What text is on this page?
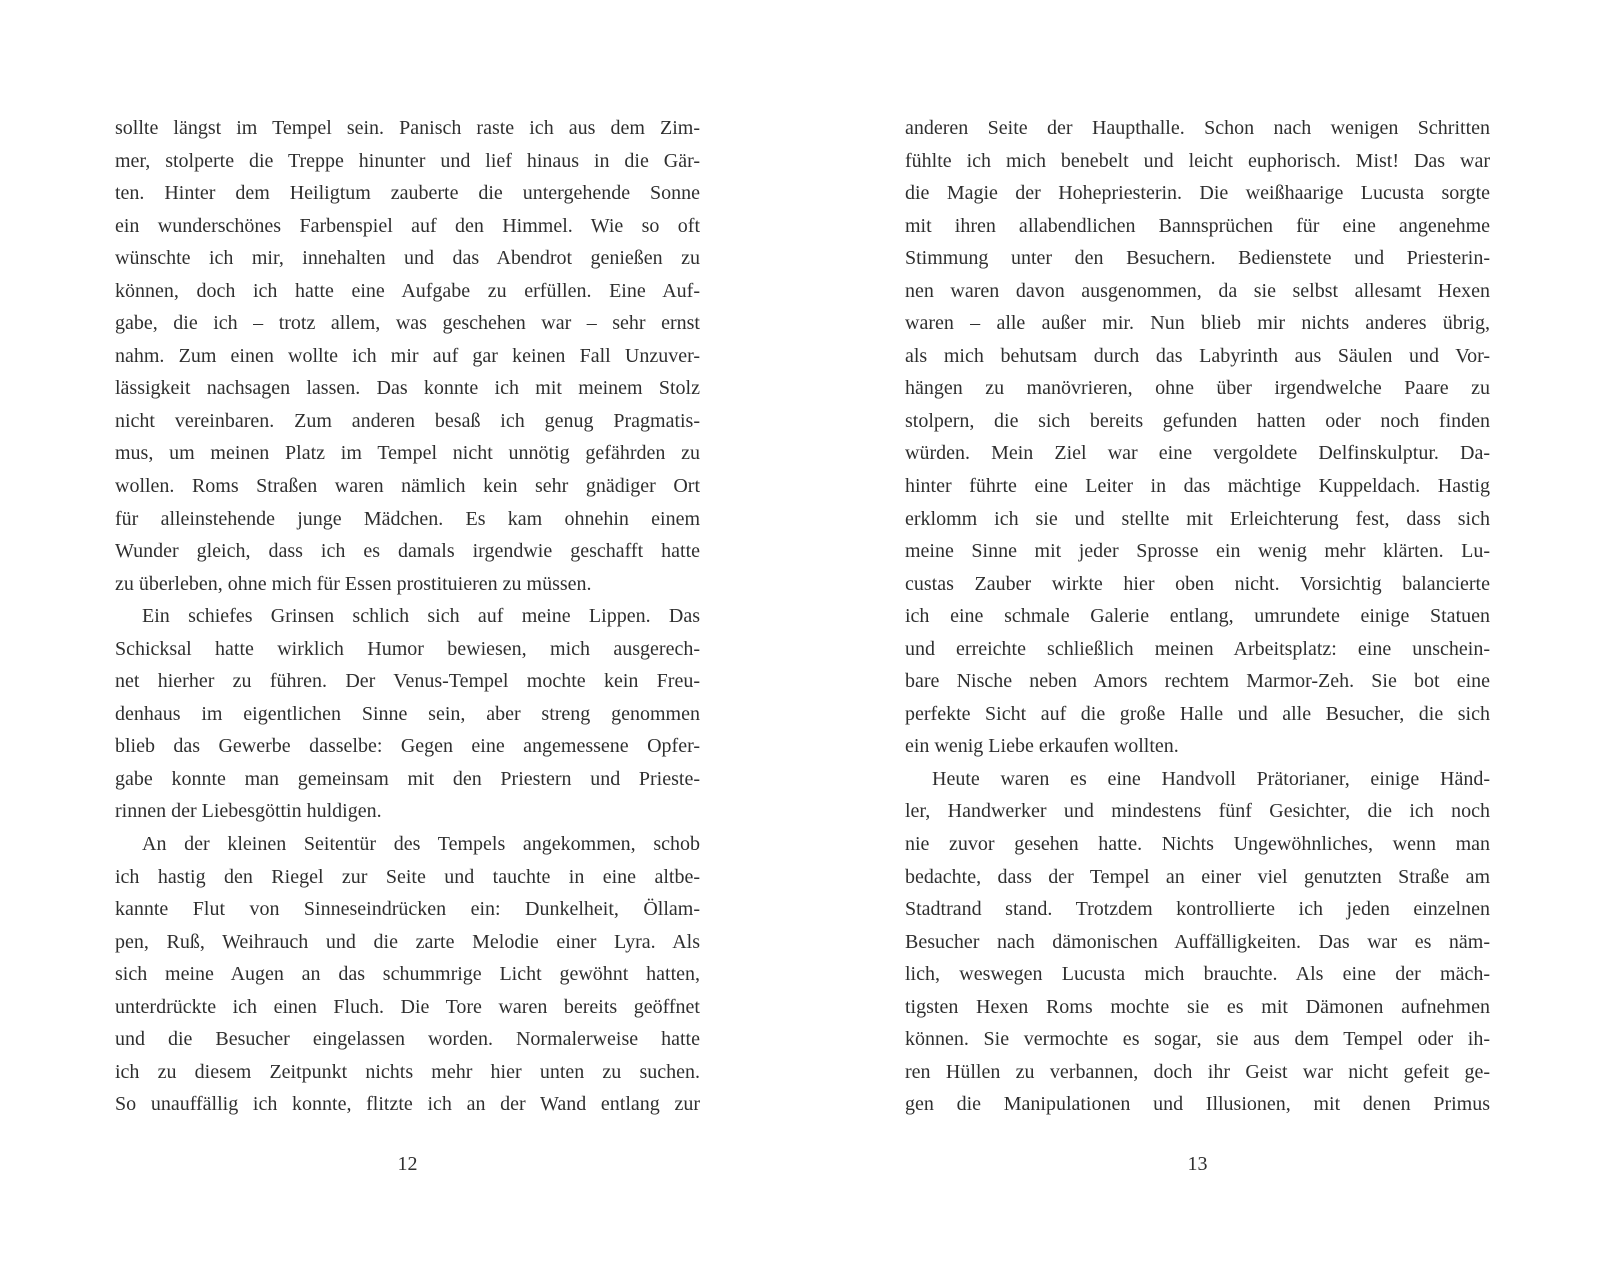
sollte längst im Tempel sein. Panisch raste ich aus dem Zim-
mer, stolperte die Treppe hinunter und lief hinaus in die Gär-
ten. Hinter dem Heiligtum zauberte die untergehende Sonne
ein wunderschönes Farbenspiel auf den Himmel. Wie so oft
wünschte ich mir, innehalten und das Abendrot genießen zu
können, doch ich hatte eine Aufgabe zu erfüllen. Eine Auf-
gabe, die ich – trotz allem, was geschehen war – sehr ernst
nahm. Zum einen wollte ich mir auf gar keinen Fall Unzuver-
lässigkeit nachsagen lassen. Das konnte ich mit meinem Stolz
nicht vereinbaren. Zum anderen besaß ich genug Pragmatis-
mus, um meinen Platz im Tempel nicht unnötig gefährden zu
wollen. Roms Straßen waren nämlich kein sehr gnädiger Ort
für alleinstehende junge Mädchen. Es kam ohnehin einem
Wunder gleich, dass ich es damals irgendwie geschafft hatte
zu überleben, ohne mich für Essen prostituieren zu müssen.
Ein schiefes Grinsen schlich sich auf meine Lippen. Das
Schicksal hatte wirklich Humor bewiesen, mich ausgerech-
net hierher zu führen. Der Venus-Tempel mochte kein Freu-
denhaus im eigentlichen Sinne sein, aber streng genommen
blieb das Gewerbe dasselbe: Gegen eine angemessene Opfer-
gabe konnte man gemeinsam mit den Priestern und Prieste-
rinnen der Liebesgöttin huldigen.
An der kleinen Seitentür des Tempels angekommen, schob
ich hastig den Riegel zur Seite und tauchte in eine altbe-
kannte Flut von Sinneseindrücken ein: Dunkelheit, Öllam-
pen, Ruß, Weihrauch und die zarte Melodie einer Lyra. Als
sich meine Augen an das schummrige Licht gewöhnt hatten,
unterdrückte ich einen Fluch. Die Tore waren bereits geöffnet
und die Besucher eingelassen worden. Normalerweise hatte
ich zu diesem Zeitpunkt nichts mehr hier unten zu suchen.
So unauffällig ich konnte, flitzte ich an der Wand entlang zur
anderen Seite der Haupthalle. Schon nach wenigen Schritten
fühlte ich mich benebelt und leicht euphorisch. Mist! Das war
die Magie der Hohepriesterin. Die weißhaarige Lucusta sorgte
mit ihren allabendlichen Bannsprüchen für eine angenehme
Stimmung unter den Besuchern. Bedienstete und Priesterin-
nen waren davon ausgenommen, da sie selbst allesamt Hexen
waren – alle außer mir. Nun blieb mir nichts anderes übrig,
als mich behutsam durch das Labyrinth aus Säulen und Vor-
hängen zu manövrieren, ohne über irgendwelche Paare zu
stolpern, die sich bereits gefunden hatten oder noch finden
würden. Mein Ziel war eine vergoldete Delfinskulptur. Da-
hinter führte eine Leiter in das mächtige Kuppeldach. Hastig
erklomm ich sie und stellte mit Erleichterung fest, dass sich
meine Sinne mit jeder Sprosse ein wenig mehr klärten. Lu-
custas Zauber wirkte hier oben nicht. Vorsichtig balancierte
ich eine schmale Galerie entlang, umrundete einige Statuen
und erreichte schließlich meinen Arbeitsplatz: eine unschein-
bare Nische neben Amors rechtem Marmor-Zeh. Sie bot eine
perfekte Sicht auf die große Halle und alle Besucher, die sich
ein wenig Liebe erkaufen wollten.
Heute waren es eine Handvoll Prätorianer, einige Händ-
ler, Handwerker und mindestens fünf Gesichter, die ich noch
nie zuvor gesehen hatte. Nichts Ungewöhnliches, wenn man
bedachte, dass der Tempel an einer viel genutzten Straße am
Stadtrand stand. Trotzdem kontrollierte ich jeden einzelnen
Besucher nach dämonischen Auffälligkeiten. Das war es näm-
lich, weswegen Lucusta mich brauchte. Als eine der mäch-
tigsten Hexen Roms mochte sie es mit Dämonen aufnehmen
können. Sie vermochte es sogar, sie aus dem Tempel oder ih-
ren Hüllen zu verbannen, doch ihr Geist war nicht gefeit ge-
gen die Manipulationen und Illusionen, mit denen Primus
12	13
